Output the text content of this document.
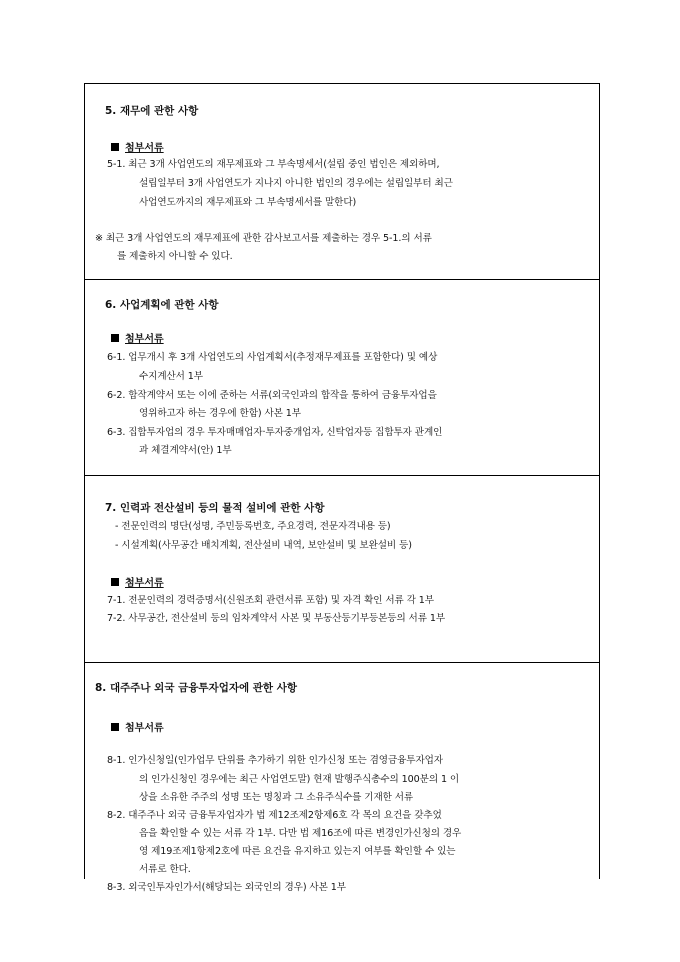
5. 재무에 관한 사항
첨부서류
5-1. 최근 3개 사업연도의 재무제표와 그 부속명세서(설립 중인 법인은 제외하며,
설립일부터 3개 사업연도가 지나지 아니한 법인의 경우에는 설립일부터 최근
사업연도까지의 재무제표와 그 부속명세서를 말한다)
※ 최근 3개 사업연도의 재무제표에 관한 감사보고서를 제출하는 경우 5-1.의 서류
를 제출하지 아니할 수 있다.
6. 사업계획에 관한 사항
첨부서류
6-1. 업무개시 후 3개 사업연도의 사업계획서(추정재무제표를 포함한다) 및 예상
수지계산서 1부
6-2. 합작계약서 또는 이에 준하는 서류(외국인과의 합작을 통하여 금융투자업을
영위하고자 하는 경우에 한함) 사본 1부
6-3. 집합투자업의 경우 투자매매업자·투자중개업자, 신탁업자등 집합투자 관계인
과 체결계약서(안) 1부
7. 인력과 전산설비 등의 물적 설비에 관한 사항
- 전문인력의 명단(성명, 주민등록번호, 주요경력, 전문자격내용 등)
- 시설계획(사무공간 배치계획, 전산설비 내역, 보안설비 및 보완설비 등)
첨부서류
7-1. 전문인력의 경력증명서(신원조회 관련서류 포함) 및 자격 확인 서류 각 1부
7-2. 사무공간, 전산설비 등의 임차계약서 사본 및 부동산등기부등본등의 서류 1부
8. 대주주나 외국 금융투자업자에 관한 사항
첨부서류
8-1. 인가신청일(인가업무 단위를 추가하기 위한 인가신청 또는 겸영금융투자업자
의 인가신청인 경우에는 최근 사업연도말) 현재 발행주식총수의 100분의 1 이
상을 소유한 주주의 성명 또는 명칭과 그 소유주식수를 기재한 서류
8-2. 대주주나 외국 금융투자업자가 법 제12조제2항제6호 각 목의 요건을 갖추었
음을 확인할 수 있는 서류 각 1부. 다만 법 제16조에 따른 변경인가신청의 경우
영 제19조제1항제2호에 따른 요건을 유지하고 있는지 여부를 확인할 수 있는
서류로 한다.
8-3. 외국인투자인가서(해당되는 외국인의 경우) 사본 1부
